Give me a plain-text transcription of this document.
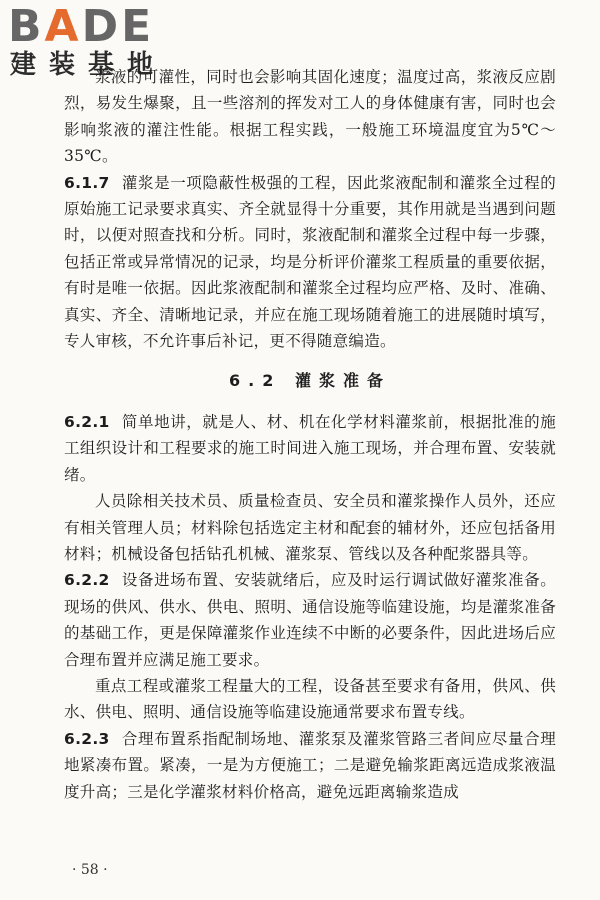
BADE
建装基地

浆液的可灌性，同时也会影响其固化速度；温度过高，浆液反应剧烈，易发生爆聚，且一些溶剂的挥发对工人的身体健康有害，同时也会影响浆液的灌注性能。根据工程实践，一般施工环境温度宜为5℃～35℃。

6.1.7 灌浆是一项隐蔽性极强的工程，因此浆液配制和灌浆全过程的原始施工记录要求真实、齐全就显得十分重要，其作用就是当遇到问题时，以便对照查找和分析。同时，浆液配制和灌浆全过程中每一步骤，包括正常或异常情况的记录，均是分析评价灌浆工程质量的重要依据，有时是唯一依据。因此浆液配制和灌浆全过程均应严格、及时、准确、真实、齐全、清晰地记录，并应在施工现场随着施工的进展随时填写，专人审核，不允许事后补记，更不得随意编造。

6.2 灌浆准备

6.2.1 简单地讲，就是人、材、机在化学材料灌浆前，根据批准的施工组织设计和工程要求的施工时间进入施工现场，并合理布置、安装就绪。

人员除相关技术员、质量检查员、安全员和灌浆操作人员外，还应有相关管理人员；材料除包括选定主材和配套的辅材外，还应包括备用材料；机械设备包括钻孔机械、灌浆泵、管线以及各种配浆器具等。

6.2.2 设备进场布置、安装就绪后，应及时运行调试做好灌浆准备。现场的供风、供水、供电、照明、通信设施等临建设施，均是灌浆准备的基础工作，更是保障灌浆作业连续不中断的必要条件，因此进场后应合理布置并应满足施工要求。

重点工程或灌浆工程量大的工程，设备甚至要求有备用，供风、供水、供电、照明、通信设施等临建设施通常要求布置专线。

6.2.3 合理布置系指配制场地、灌浆泵及灌浆管路三者间应尽量合理地紧凑布置。紧凑，一是为方便施工；二是避免输浆距离远造成浆液温度升高；三是化学灌浆材料价格高，避免远距离输浆造成

· 58 ·
